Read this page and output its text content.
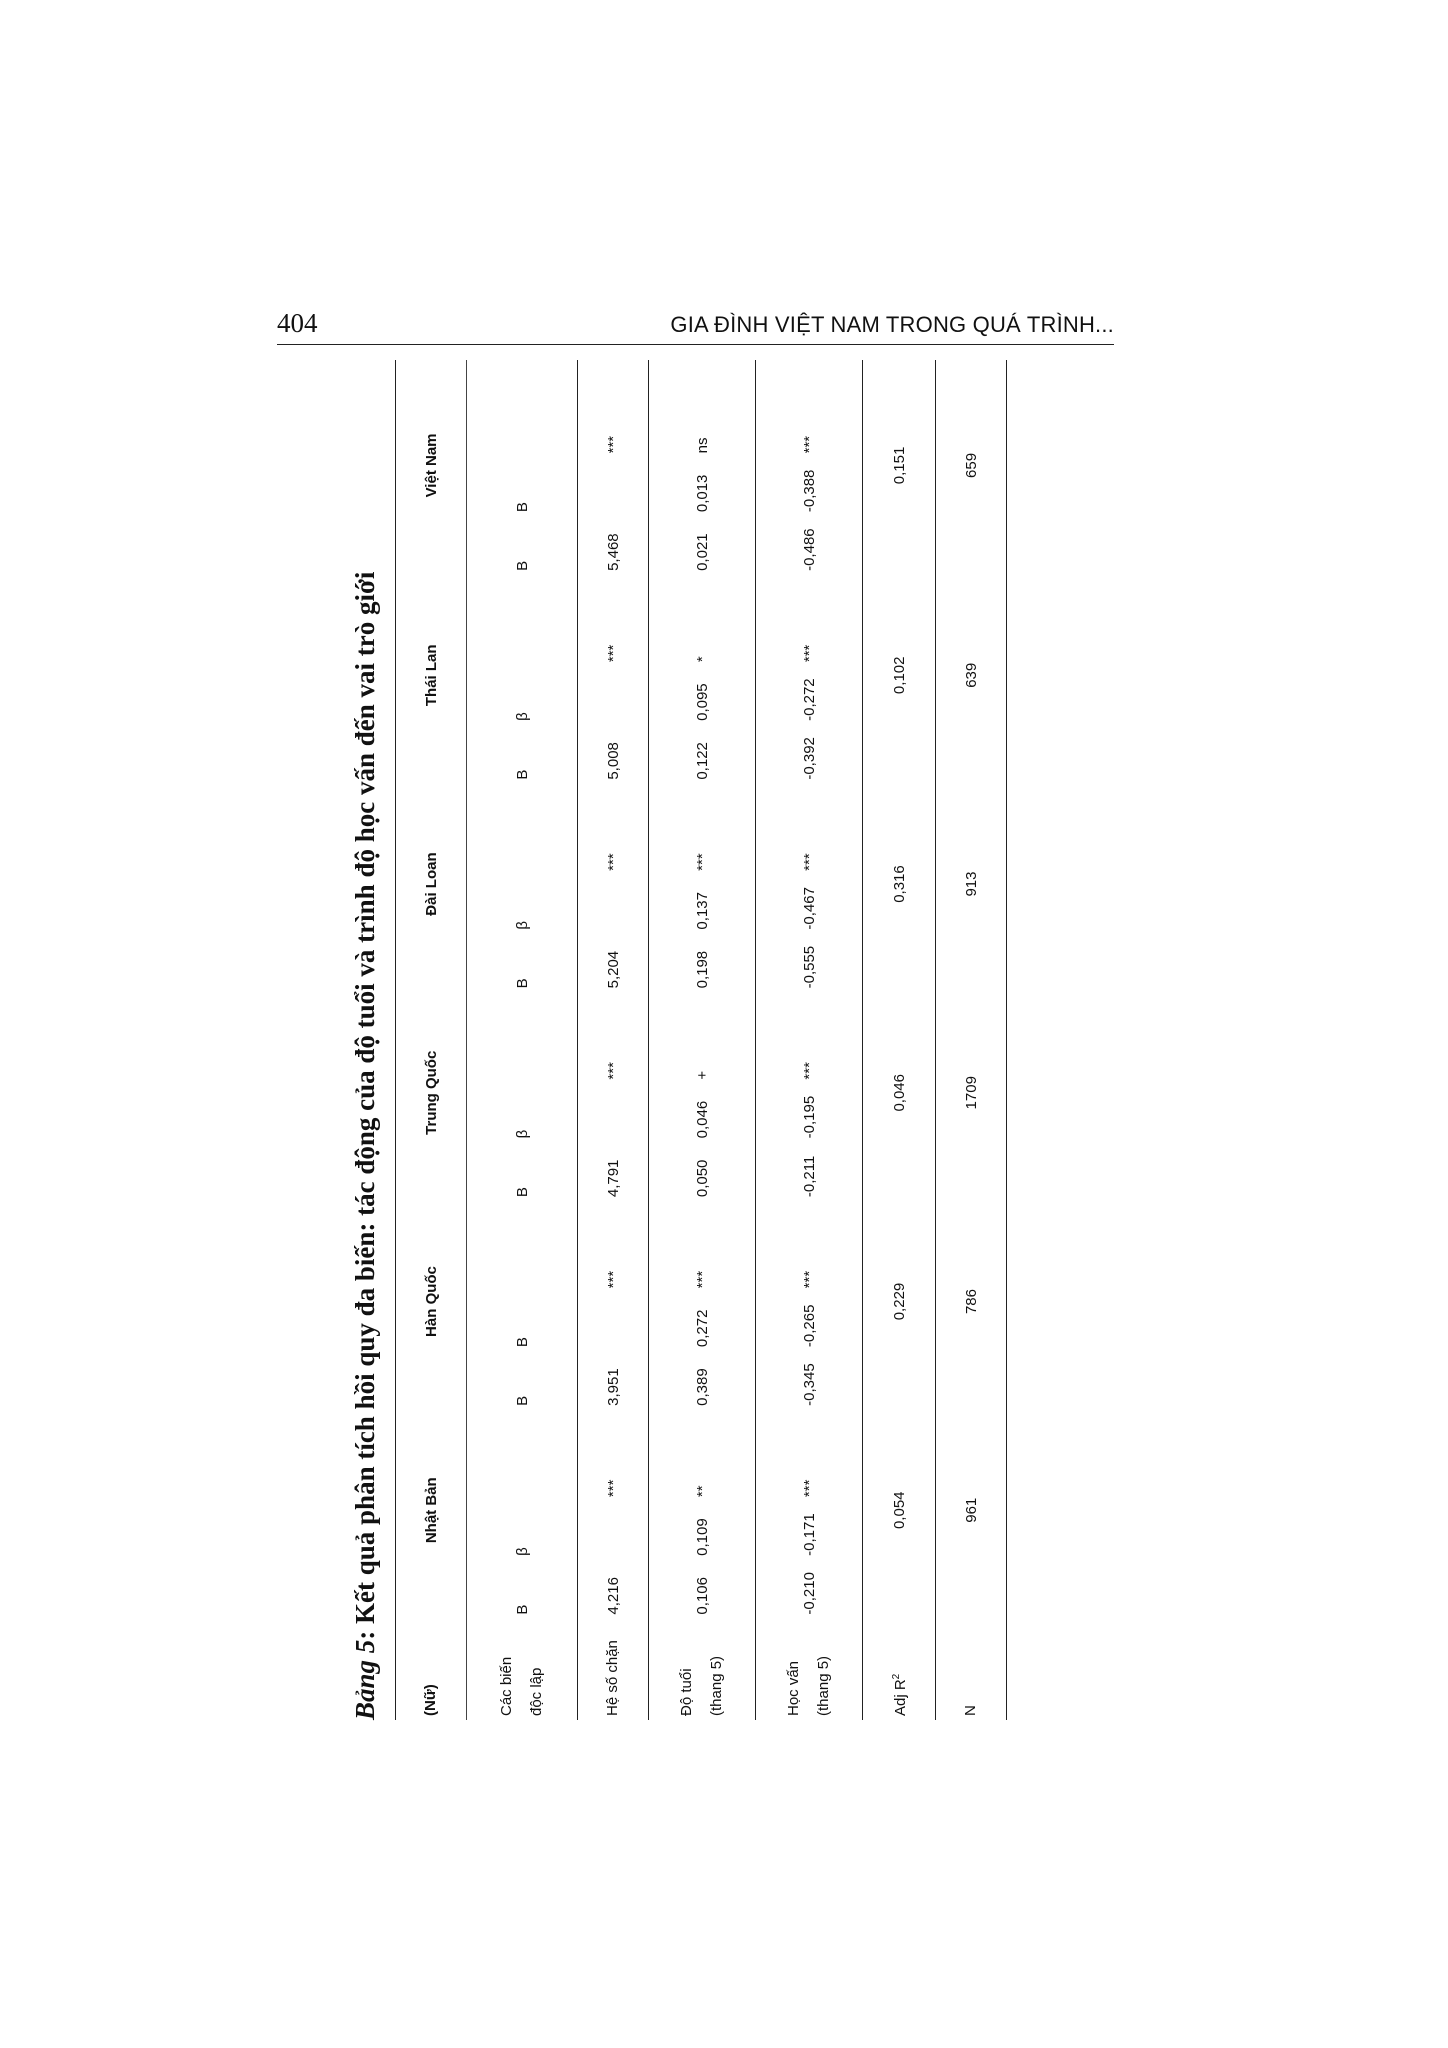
404	GIA ĐÌNH VIỆT NAM TRONG QUÁ TRÌNH...
Bảng 5: Kết quả phân tích hồi quy đa biến: tác động của độ tuổi và trình độ học vấn đến vai trò giới
(Nữ)	Nhật Bản			Hàn Quốc			Trung Quốc			Đài Loan			Thái Lan			Việt Nam		

Các biến độc lập	B	β		B	B		B	β		B	β		B	β		B	B	
Hệ số chặn	4,216		***	3,951		***	4,791		***	5,204		***	5,008		***	5,468		***

Độ tuổi (thang 5)	0,106	0,109	**	0,389	0,272	***	0,050	0,046	+	0,198	0,137	***	0,122	0,095	*	0,021	0,013	ns

Học vấn (thang 5)	-0,210	-0,171	***	-0,345	-0,265	***	-0,211	-0,195	***	-0,555	-0,467	***	-0,392	-0,272	***	-0,486	-0,388	***
Adj $R^2$	0,054			0,229			0,046			0,316			0,102			0,151		
N	961			786			1709			913			639			659		
